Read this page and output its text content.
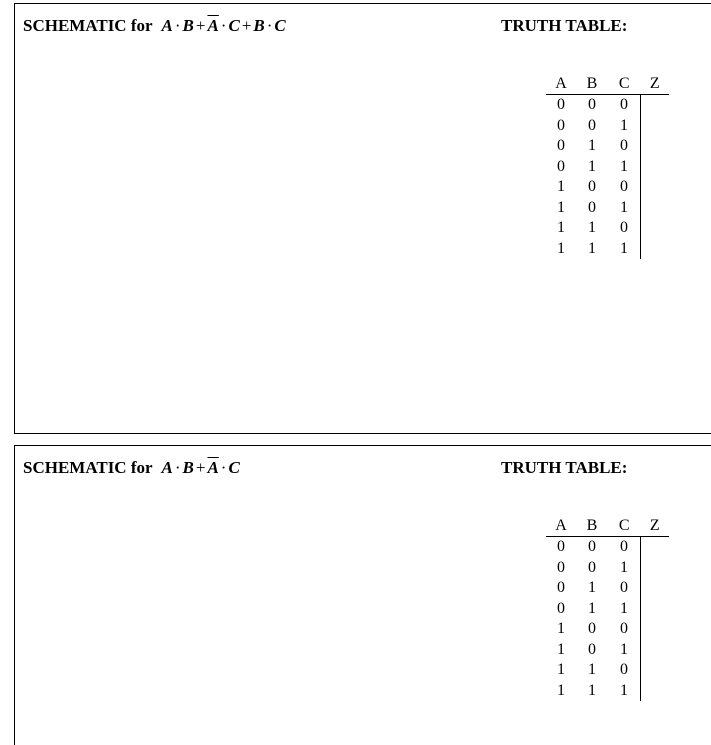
SCHEMATIC for $A \cdot B + \overline{A} \cdot C + B \cdot C$	TRUTH TABLE:
A	B	C	Z
0	0	0	
0	0	1	
0	1	0	
0	1	1	
1	0	0	
1	0	1	
1	1	0	
1	1	1	
SCHEMATIC for $A \cdot B + \overline{A} \cdot C$	TRUTH TABLE:
A	B	C	Z
0	0	0	
0	0	1	
0	1	0	
0	1	1	
1	0	0	
1	0	1	
1	1	0	
1	1	1	
